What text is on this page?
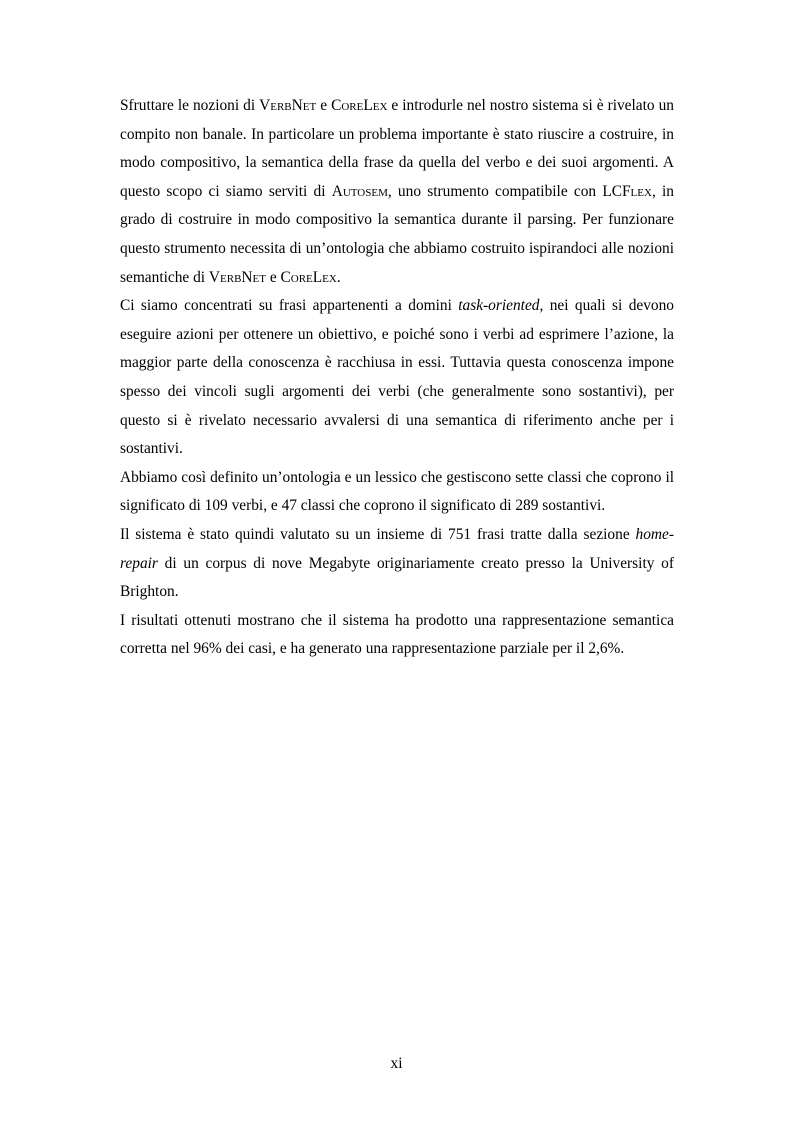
Sfruttare le nozioni di VerbNet e CoreLex e introdurle nel nostro sistema si è rivelato un compito non banale. In particolare un problema importante è stato riuscire a costruire, in modo compositivo, la semantica della frase da quella del verbo e dei suoi argomenti. A questo scopo ci siamo serviti di Autosem, uno strumento compatibile con LCFlex, in grado di costruire in modo compositivo la semantica durante il parsing. Per funzionare questo strumento necessita di un’ontologia che abbiamo costruito ispirandoci alle nozioni semantiche di VerbNet e CoreLex.

Ci siamo concentrati su frasi appartenenti a domini task-oriented, nei quali si devono eseguire azioni per ottenere un obiettivo, e poiché sono i verbi ad esprimere l’azione, la maggior parte della conoscenza è racchiusa in essi. Tuttavia questa conoscenza impone spesso dei vincoli sugli argomenti dei verbi (che generalmente sono sostantivi), per questo si è rivelato necessario avvalersi di una semantica di riferimento anche per i sostantivi.

Abbiamo così definito un’ontologia e un lessico che gestiscono sette classi che coprono il significato di 109 verbi, e 47 classi che coprono il significato di 289 sostantivi.

Il sistema è stato quindi valutato su un insieme di 751 frasi tratte dalla sezione home-repair di un corpus di nove Megabyte originariamente creato presso la University of Brighton.

I risultati ottenuti mostrano che il sistema ha prodotto una rappresentazione semantica corretta nel 96% dei casi, e ha generato una rappresentazione parziale per il 2,6%.

xi
